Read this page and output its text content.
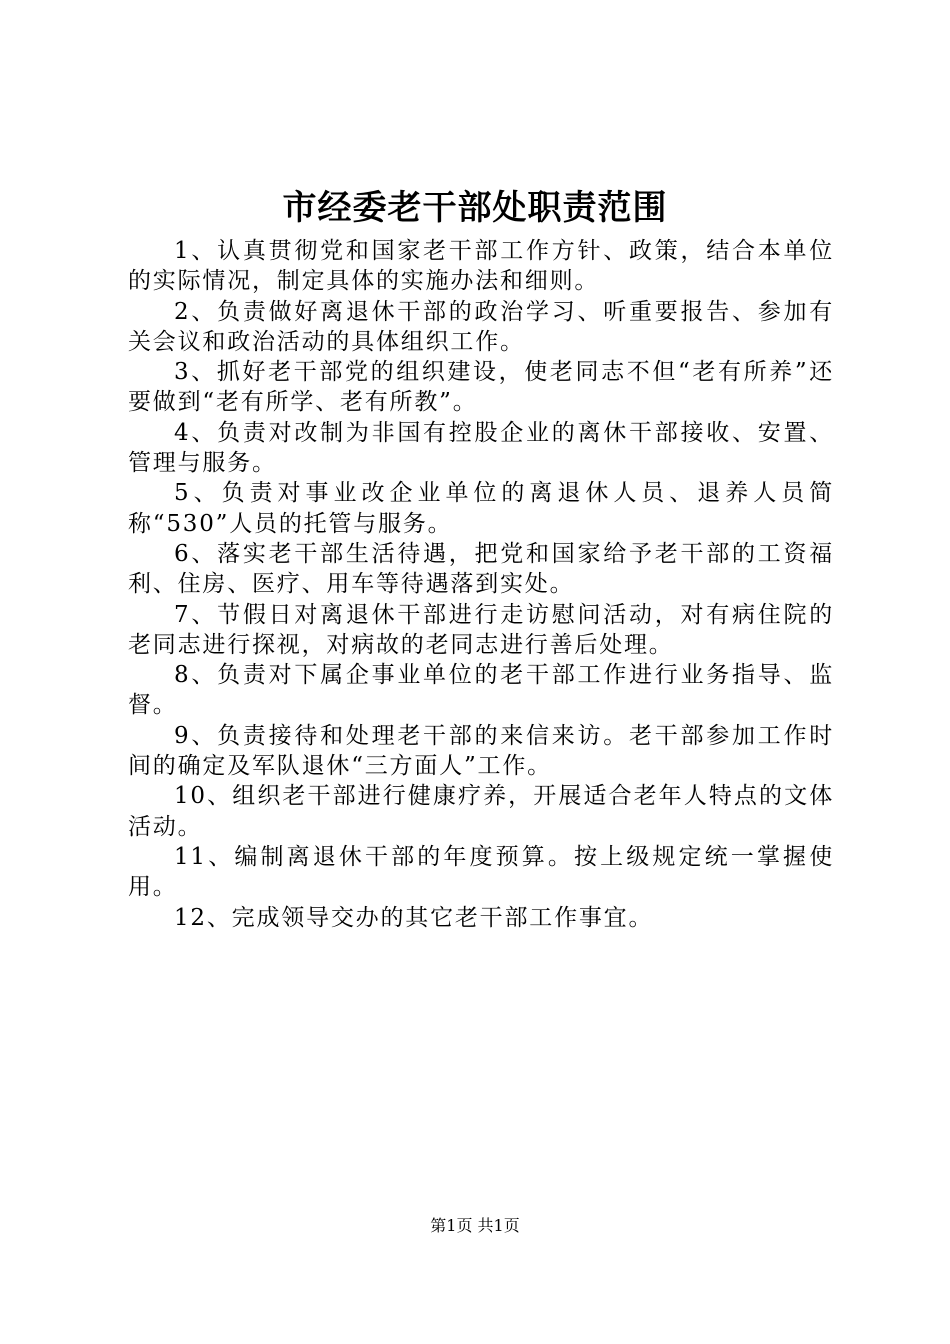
市经委老干部处职责范围

1、认真贯彻党和国家老干部工作方针、政策，结合本单位的实际情况，制定具体的实施办法和细则。

2、负责做好离退休干部的政治学习、听重要报告、参加有关会议和政治活动的具体组织工作。

3、抓好老干部党的组织建设，使老同志不但“老有所养”还要做到“老有所学、老有所教”。

4、负责对改制为非国有控股企业的离休干部接收、安置、管理与服务。

5、负责对事业改企业单位的离退休人员、退养人员简称“530”人员的托管与服务。

6、落实老干部生活待遇，把党和国家给予老干部的工资福利、住房、医疗、用车等待遇落到实处。

7、节假日对离退休干部进行走访慰问活动，对有病住院的老同志进行探视，对病故的老同志进行善后处理。

8、负责对下属企事业单位的老干部工作进行业务指导、监督。

9、负责接待和处理老干部的来信来访。老干部参加工作时间的确定及军队退休“三方面人”工作。

10、组织老干部进行健康疗养，开展适合老年人特点的文体活动。

11、编制离退休干部的年度预算。按上级规定统一掌握使用。

12、完成领导交办的其它老干部工作事宜。

第1页 共1页
